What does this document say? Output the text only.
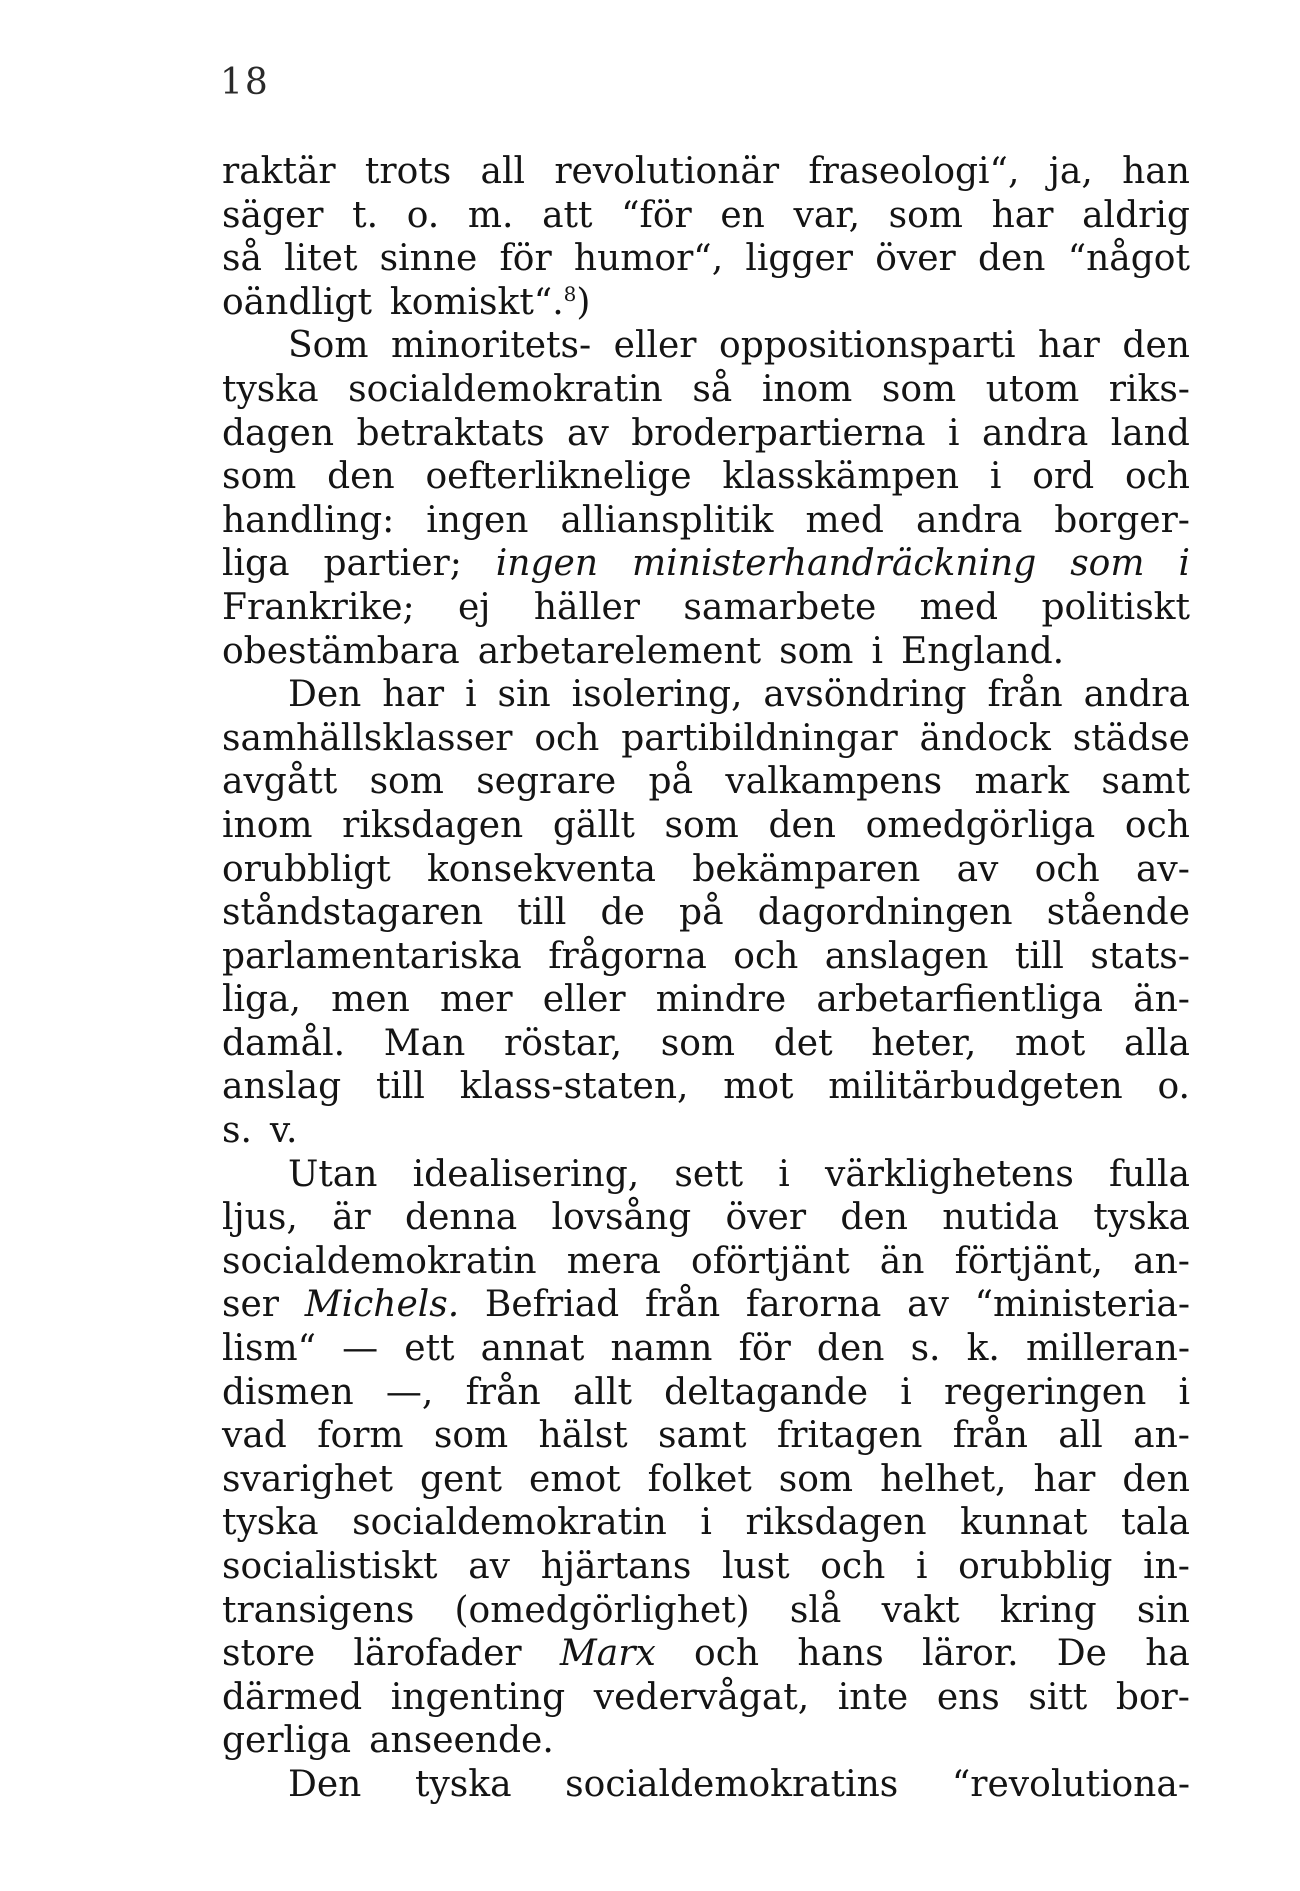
18
raktär trots all revolutionär fraseologi“, ja, han
säger t. o. m. att “för en var, som har aldrig
så litet sinne för humor“, ligger över den “något
oändligt komiskt“.$^8$)
Som minoritets- eller oppositionsparti har den
tyska socialdemokratin så inom som utom riks-
dagen betraktats av broderpartierna i andra land
som den oefterliknelige klasskämpen i ord och
handling: ingen alliansplitik med andra borger-
liga partier; ingen ministerhandräckning som i
Frankrike; ej häller samarbete med politiskt
obestämbara arbetarelement som i England.
Den har i sin isolering, avsöndring från andra
samhällsklasser och partibildningar ändock städse
avgått som segrare på valkampens mark samt
inom riksdagen gällt som den omedgörliga och
orubbligt konsekventa bekämparen av och av-
ståndstagaren till de på dagordningen stående
parlamentariska frågorna och anslagen till stats-
liga, men mer eller mindre arbetarfientliga än-
damål. Man röstar, som det heter, mot alla
anslag till klass-staten, mot militärbudgeten o.
s. v.
Utan idealisering, sett i värklighetens fulla
ljus, är denna lovsång över den nutida tyska
socialdemokratin mera oförtjänt än förtjänt, an-
ser Michels. Befriad från farorna av “ministeria-
lism“ — ett annat namn för den s. k. milleran-
dismen —, från allt deltagande i regeringen i
vad form som hälst samt fritagen från all an-
svarighet gent emot folket som helhet, har den
tyska socialdemokratin i riksdagen kunnat tala
socialistiskt av hjärtans lust och i orubblig in-
transigens (omedgörlighet) slå vakt kring sin
store lärofader Marx och hans läror. De ha
därmed ingenting vedervågat, inte ens sitt bor-
gerliga anseende.
Den tyska socialdemokratins “revolutiona-
